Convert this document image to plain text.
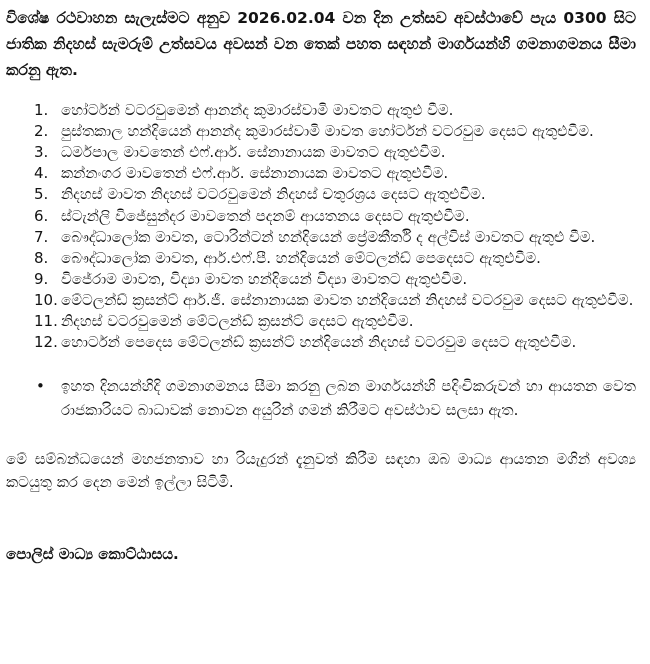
විශේෂ රථවාහන සැලැස්මට අනුව 2026.02.04 වන දින උත්සව අවස්ථාවේ පැය 0300 සිට ජාතික නිදහස් සැමරුම් උත්සවය අවසන් වන තෙක් පහත සඳහන් මාර්ගයන්හි ගමනාගමනය සීමා කරනු ඇත.

හෝර්ටන් වටරවුමෙන් ආනන්ද කුමාරස්වාමි මාවතට ඇතුළු වීම.
පුස්තකාල හන්දියෙන් ආනන්ද කුමාරස්වාමි මාවත හෝර්ටන් වටරවුම දෙසට ඇතුළුවීම.
ධර්මපාල මාවතෙන් එෆ්.ආර්. සේනානායක මාවතට ඇතුළුවීම.
කන්නංගර මාවතෙන් එෆ්.ආර්. සේනානායක මාවතට ඇතුළුවීම.
නිදහස් මාවත නිදහස් වටරවුමෙන් නිදහස් චතුරශ්‍රය දෙසට ඇතුළුවීම.
ස්ටැන්ලි විජේසුන්දර මාවතෙන් පදනම් ආයතනය දෙසට ඇතුළුවීම.
බෞද්ධාලෝක මාවත, ටොරින්ටන් හන්දියෙන් ප්‍රේමකීර්ති ද අල්විස් මාවතට ඇතුළු වීම.
බෞද්ධාලෝක මාවත, ආර්.එෆ්.පී. හන්දියෙන් මේටලන්ඩ් පෙදෙසට ඇතුළුවීම.
විජේරාම මාවත, විද්‍යා මාවත හන්දියෙන් විද්‍යා මාවතට ඇතුළුවීම.
මේටලන්ඩ් ක්‍රසන්ට් ආර්.ජී. සේනානායක මාවත හන්දියෙන් නිදහස් වටරවුම දෙසට ඇතුළුවීම.
නිදහස් වටරවුමෙන් මේටලන්ඩ් ක්‍රසන්ට් දෙසට ඇතුළුවීම.
හොර්ටන් පෙදෙස මේටලන්ඩ් ක්‍රසන්ට් හන්දියෙන් නිදහස් වටරවුම දෙසට ඇතුළුවීම.
• ඉහත දිනයන්හිදි ගමනාගමනය සීමා කරනු ලබන මාර්ගයන්හි පදිංචිකරුවන් හා ආයතන වෙත රාජකාරියට බාධාවක් නොවන අයුරින් ගමන් කිරීමට අවස්ථාව සලසා ඇත.

මේ සම්බන්ධයෙන් මහජනතාව හා රියැදුරන් දැනුවත් කිරීම සඳහා ඔබ මාධ්‍ය ආයතන මගින් අවශ්‍ය කටයුතු කර දෙන මෙන් ඉල්ලා සිටිමි.

පොලිස් මාධ්‍ය කොට්ඨාසය.
